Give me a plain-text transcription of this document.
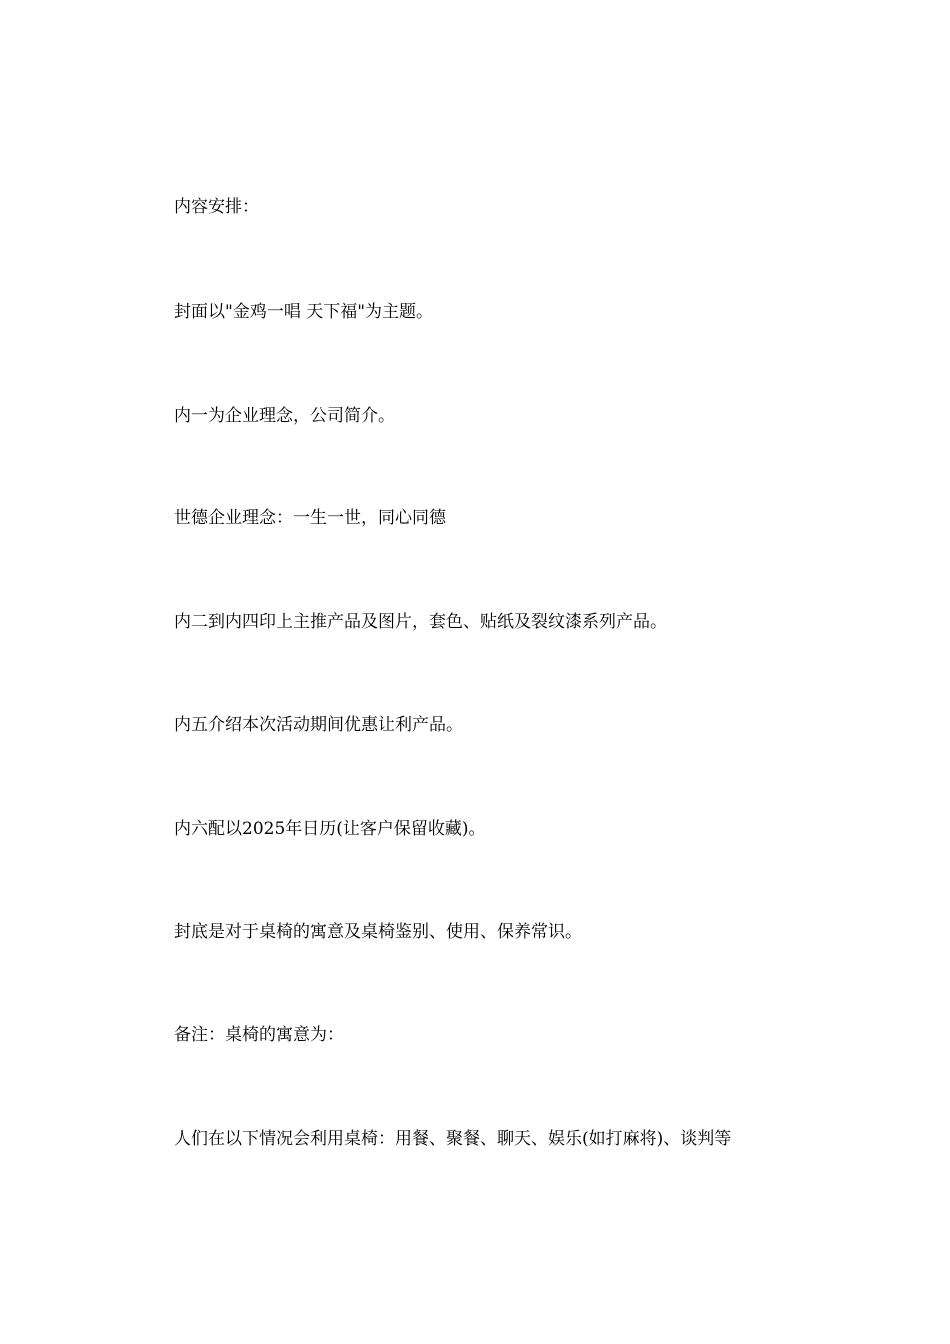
内容安排：

封面以"金鸡一唱 天下福"为主题。

内一为企业理念，公司简介。

世德企业理念：一生一世，同心同德

内二到内四印上主推产品及图片，套色、贴纸及裂纹漆系列产品。

内五介绍本次活动期间优惠让利产品。

内六配以2025年日历(让客户保留收藏)。

封底是对于桌椅的寓意及桌椅鉴别、使用、保养常识。

备注：桌椅的寓意为：

人们在以下情况会利用桌椅：用餐、聚餐、聊天、娱乐(如打麻将)、谈判等
